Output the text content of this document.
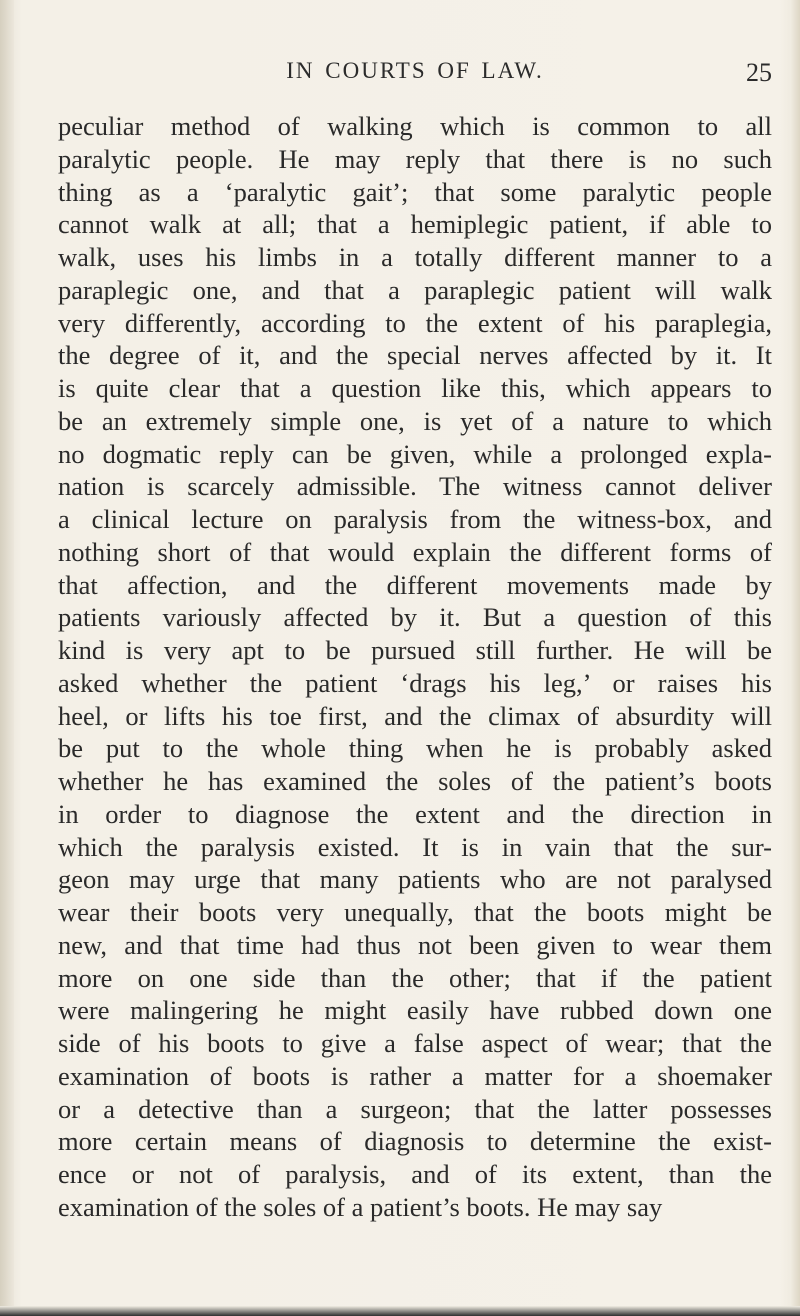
IN COURTS OF LAW.	25
peculiar method of walking which is common to all
paralytic people. He may reply that there is no such
thing as a ‘paralytic gait’; that some paralytic people
cannot walk at all; that a hemiplegic patient, if able to
walk, uses his limbs in a totally different manner to a
paraplegic one, and that a paraplegic patient will walk
very differently, according to the extent of his paraplegia,
the degree of it, and the special nerves affected by it. It
is quite clear that a question like this, which appears to
be an extremely simple one, is yet of a nature to which
no dogmatic reply can be given, while a prolonged expla-
nation is scarcely admissible. The witness cannot deliver
a clinical lecture on paralysis from the witness-box, and
nothing short of that would explain the different forms of
that affection, and the different movements made by
patients variously affected by it. But a question of this
kind is very apt to be pursued still further. He will be
asked whether the patient ‘drags his leg,’ or raises his
heel, or lifts his toe first, and the climax of absurdity will
be put to the whole thing when he is probably asked
whether he has examined the soles of the patient’s boots
in order to diagnose the extent and the direction in
which the paralysis existed. It is in vain that the sur-
geon may urge that many patients who are not paralysed
wear their boots very unequally, that the boots might be
new, and that time had thus not been given to wear them
more on one side than the other; that if the patient
were malingering he might easily have rubbed down one
side of his boots to give a false aspect of wear; that the
examination of boots is rather a matter for a shoemaker
or a detective than a surgeon; that the latter possesses
more certain means of diagnosis to determine the exist-
ence or not of paralysis, and of its extent, than the
examination of the soles of a patient’s boots. He may say
